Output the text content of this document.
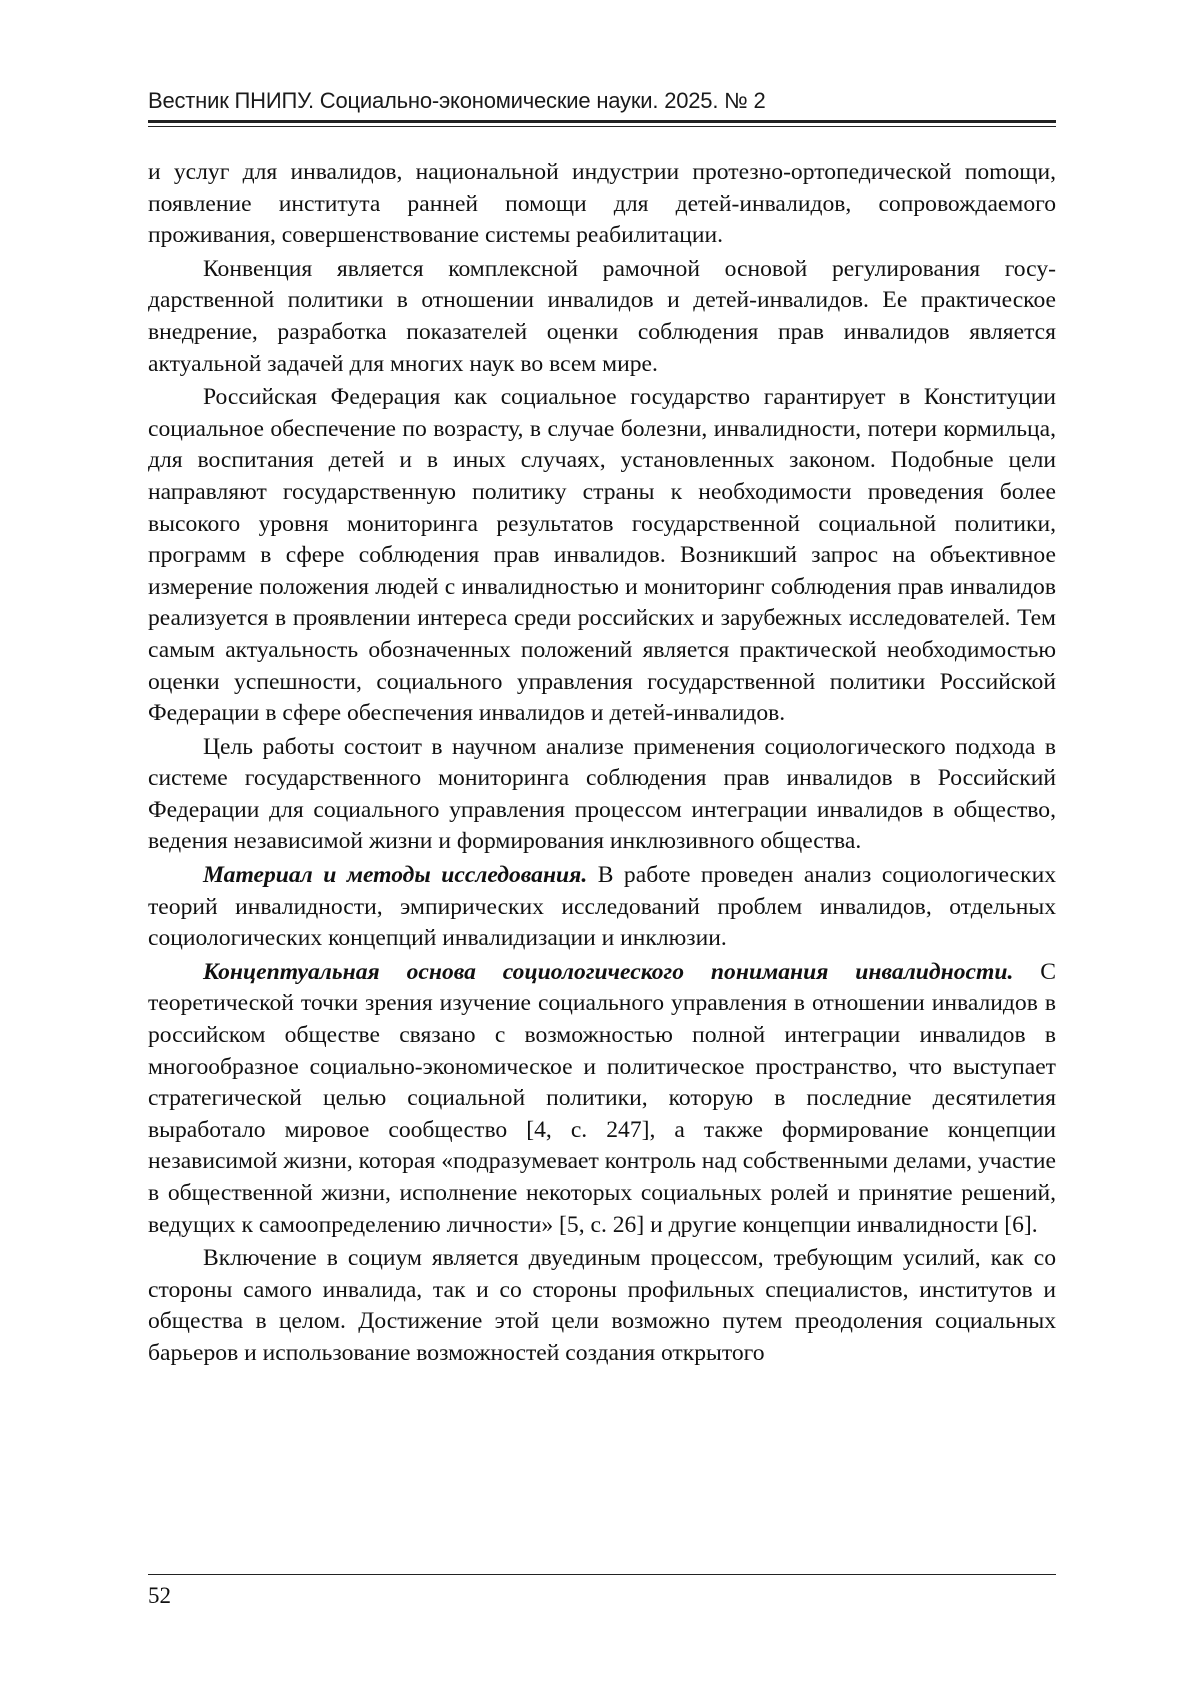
Вестник ПНИПУ. Социально-экономические науки. 2025. № 2

и услуг для инвалидов, национальной индустрии протезно-ортопедической поmощи, появление института ранней помощи для детей-инвалидов, сопровождаемого проживания, совершенствование системы реабилитации.

Конвенция является комплексной рамочной основой регулирования государственной политики в отношении инвалидов и детей-инвалидов. Ее практическое внедрение, разработка показателей оценки соблюдения прав инвалидов является актуальной задачей для многих наук во всем мире.

Российская Федерация как социальное государство гарантирует в Конституции социальное обеспечение по возрасту, в случае болезни, инвалидности, потери кормильца, для воспитания детей и в иных случаях, установленных законом. Подобные цели направляют государственную политику страны к необходимости проведения более высокого уровня мониторинга результатов государственной социальной политики, программ в сфере соблюдения прав инвалидов. Возникший запрос на объективное измерение положения людей с инвалидностью и мониторинг соблюдения прав инвалидов реализуется в проявлении интереса среди российских и зарубежных исследователей. Тем самым актуальность обозначенных положений является практической необходимостью оценки успешности, социального управления государственной политики Российской Федерации в сфере обеспечения инвалидов и детей-инвалидов.

Цель работы состоит в научном анализе применения социологического подхода в системе государственного мониторинга соблюдения прав инвалидов в Российский Федерации для социального управления процессом интеграции инвалидов в общество, ведения независимой жизни и формирования инклюзивного общества.

Материал и методы исследования. В работе проведен анализ социологических теорий инвалидности, эмпирических исследований проблем инвалидов, отдельных социологических концепций инвалидизации и инклюзии.

Концептуальная основа социологического понимания инвалидности. С теоретической точки зрения изучение социального управления в отношении инвалидов в российском обществе связано с возможностью полной интеграции инвалидов в многообразное социально-экономическое и политическое пространство, что выступает стратегической целью социальной политики, которую в последние десятилетия выработало мировое сообщество [4, с. 247], а также формирование концепции независимой жизни, которая «подразумевает контроль над собственными делами, участие в общественной жизни, исполнение некоторых социальных ролей и принятие решений, ведущих к самоопределению личности» [5, с. 26] и другие концепции инвалидности [6].

Включение в социум является двуединым процессом, требующим усилий, как со стороны самого инвалида, так и со стороны профильных специалистов, институтов и общества в целом. Достижение этой цели возможно путем преодоления социальных барьеров и использование возможностей создания открытого

52
